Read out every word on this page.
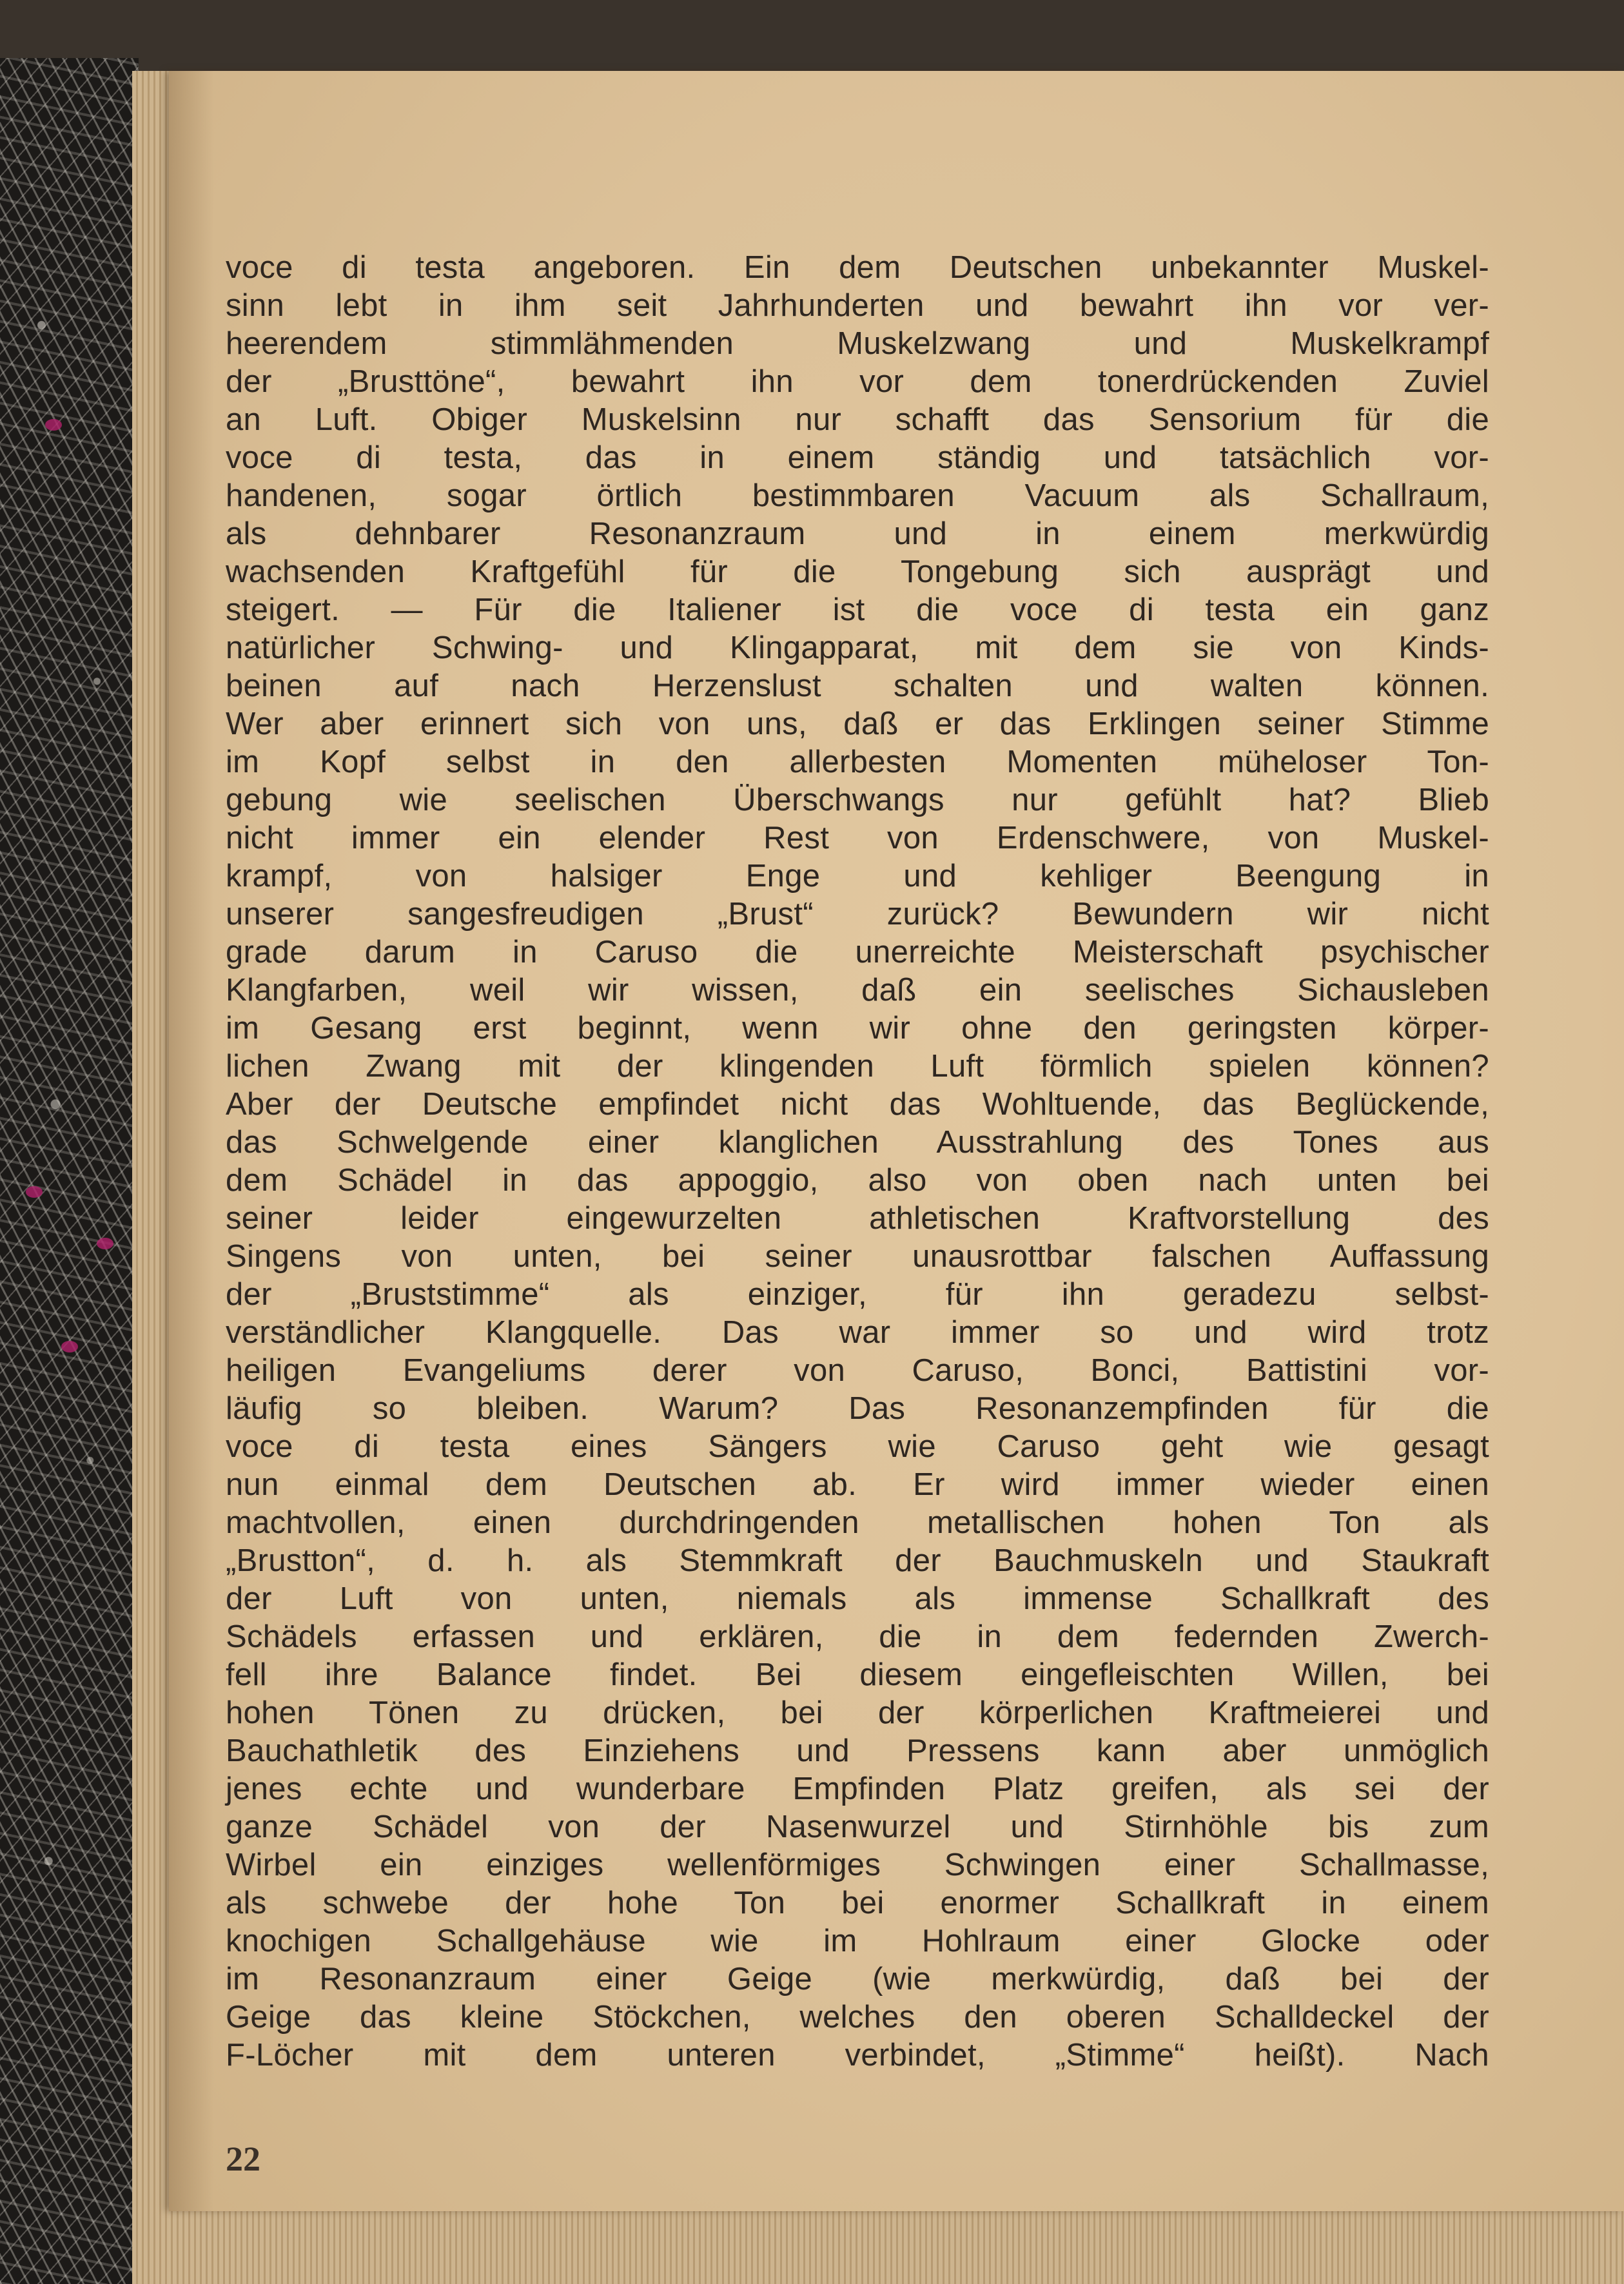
voce di testa angeboren. Ein dem Deutschen unbekannter Muskel-
sinn lebt in ihm seit Jahrhunderten und bewahrt ihn vor ver-
heerendem stimmlähmenden Muskelzwang und Muskelkrampf
der „Brusttöne“, bewahrt ihn vor dem tonerdrückenden Zuviel
an Luft. Obiger Muskelsinn nur schafft das Sensorium für die
voce di testa, das in einem ständig und tatsächlich vor-
handenen, sogar örtlich bestimmbaren Vacuum als Schallraum,
als dehnbarer Resonanzraum und in einem merkwürdig
wachsenden Kraftgefühl für die Tongebung sich ausprägt und
steigert. — Für die Italiener ist die voce di testa ein ganz
natürlicher Schwing- und Klingapparat, mit dem sie von Kinds-
beinen auf nach Herzenslust schalten und walten können.
Wer aber erinnert sich von uns, daß er das Erklingen seiner Stimme
im Kopf selbst in den allerbesten Momenten müheloser Ton-
gebung wie seelischen Überschwangs nur gefühlt hat? Blieb
nicht immer ein elender Rest von Erdenschwere, von Muskel-
krampf, von halsiger Enge und kehliger Beengung in
unserer sangesfreudigen „Brust“ zurück? Bewundern wir nicht
grade darum in Caruso die unerreichte Meisterschaft psychischer
Klangfarben, weil wir wissen, daß ein seelisches Sichausleben
im Gesang erst beginnt, wenn wir ohne den geringsten körper-
lichen Zwang mit der klingenden Luft förmlich spielen können?
Aber der Deutsche empfindet nicht das Wohltuende, das Beglückende,
das Schwelgende einer klanglichen Ausstrahlung des Tones aus
dem Schädel in das appoggio, also von oben nach unten bei
seiner leider eingewurzelten athletischen Kraftvorstellung des
Singens von unten, bei seiner unausrottbar falschen Auffassung
der „Bruststimme“ als einziger, für ihn geradezu selbst-
verständlicher Klangquelle. Das war immer so und wird trotz
heiligen Evangeliums derer von Caruso, Bonci, Battistini vor-
läufig so bleiben. Warum? Das Resonanzempfinden für die
voce di testa eines Sängers wie Caruso geht wie gesagt
nun einmal dem Deutschen ab. Er wird immer wieder einen
machtvollen, einen durchdringenden metallischen hohen Ton als
„Brustton“, d. h. als Stemmkraft der Bauchmuskeln und Staukraft
der Luft von unten, niemals als immense Schallkraft des
Schädels erfassen und erklären, die in dem federnden Zwerch-
fell ihre Balance findet. Bei diesem eingefleischten Willen, bei
hohen Tönen zu drücken, bei der körperlichen Kraftmeierei und
Bauchathletik des Einziehens und Pressens kann aber unmöglich
jenes echte und wunderbare Empfinden Platz greifen, als sei der
ganze Schädel von der Nasenwurzel und Stirnhöhle bis zum
Wirbel ein einziges wellenförmiges Schwingen einer Schallmasse,
als schwebe der hohe Ton bei enormer Schallkraft in einem
knochigen Schallgehäuse wie im Hohlraum einer Glocke oder
im Resonanzraum einer Geige (wie merkwürdig, daß bei der
Geige das kleine Stöckchen, welches den oberen Schalldeckel der
F-Löcher mit dem unteren verbindet, „Stimme“ heißt). Nach
22
